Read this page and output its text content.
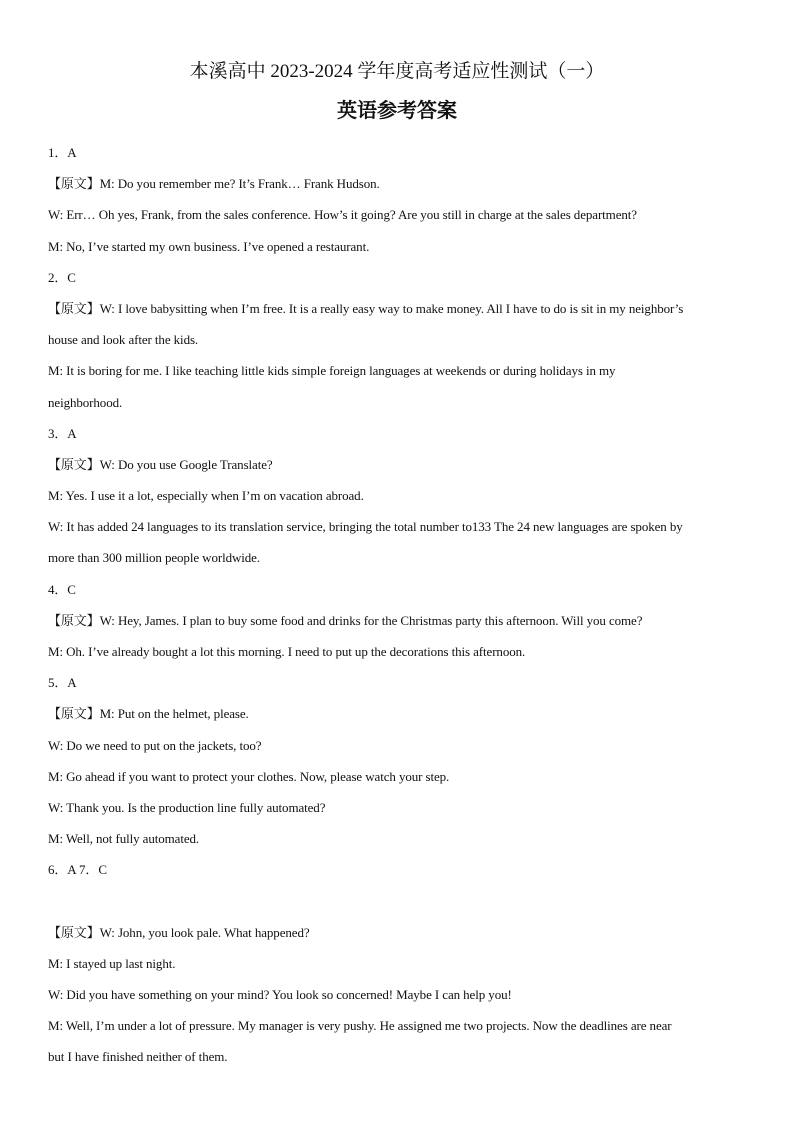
本溪高中 2023-2024 学年度高考适应性测试（一）
英语参考答案
1．A
【原文】M: Do you remember me? It’s Frank… Frank Hudson.
W: Err… Oh yes, Frank, from the sales conference. How’s it going? Are you still in charge at the sales department?
M: No, I’ve started my own business. I’ve opened a restaurant.
2．C
【原文】W: I love babysitting when I’m free. It is a really easy way to make money. All I have to do is sit in my neighbor’s
house and look after the kids.
M: It is boring for me. I like teaching little kids simple foreign languages at weekends or during holidays in my
neighborhood.
3．A
【原文】W: Do you use Google Translate?
M: Yes. I use it a lot, especially when I’m on vacation abroad.
W: It has added 24 languages to its translation service, bringing the total number to133 The 24 new languages are spoken by
more than 300 million people worldwide.
4．C
【原文】W: Hey, James. I plan to buy some food and drinks for the Christmas party this afternoon. Will you come?
M: Oh. I’ve already bought a lot this morning. I need to put up the decorations this afternoon.
5．A
【原文】M: Put on the helmet, please.
W: Do we need to put on the jackets, too?
M: Go ahead if you want to protect your clothes. Now, please watch your step.
W: Thank you. Is the production line fully automated?
M: Well, not fully automated.
6．A 7．C
【原文】W: John, you look pale. What happened?
M: I stayed up last night.
W: Did you have something on your mind? You look so concerned! Maybe I can help you!
M: Well, I’m under a lot of pressure. My manager is very pushy. He assigned me two projects. Now the deadlines are near
but I have finished neither of them.
